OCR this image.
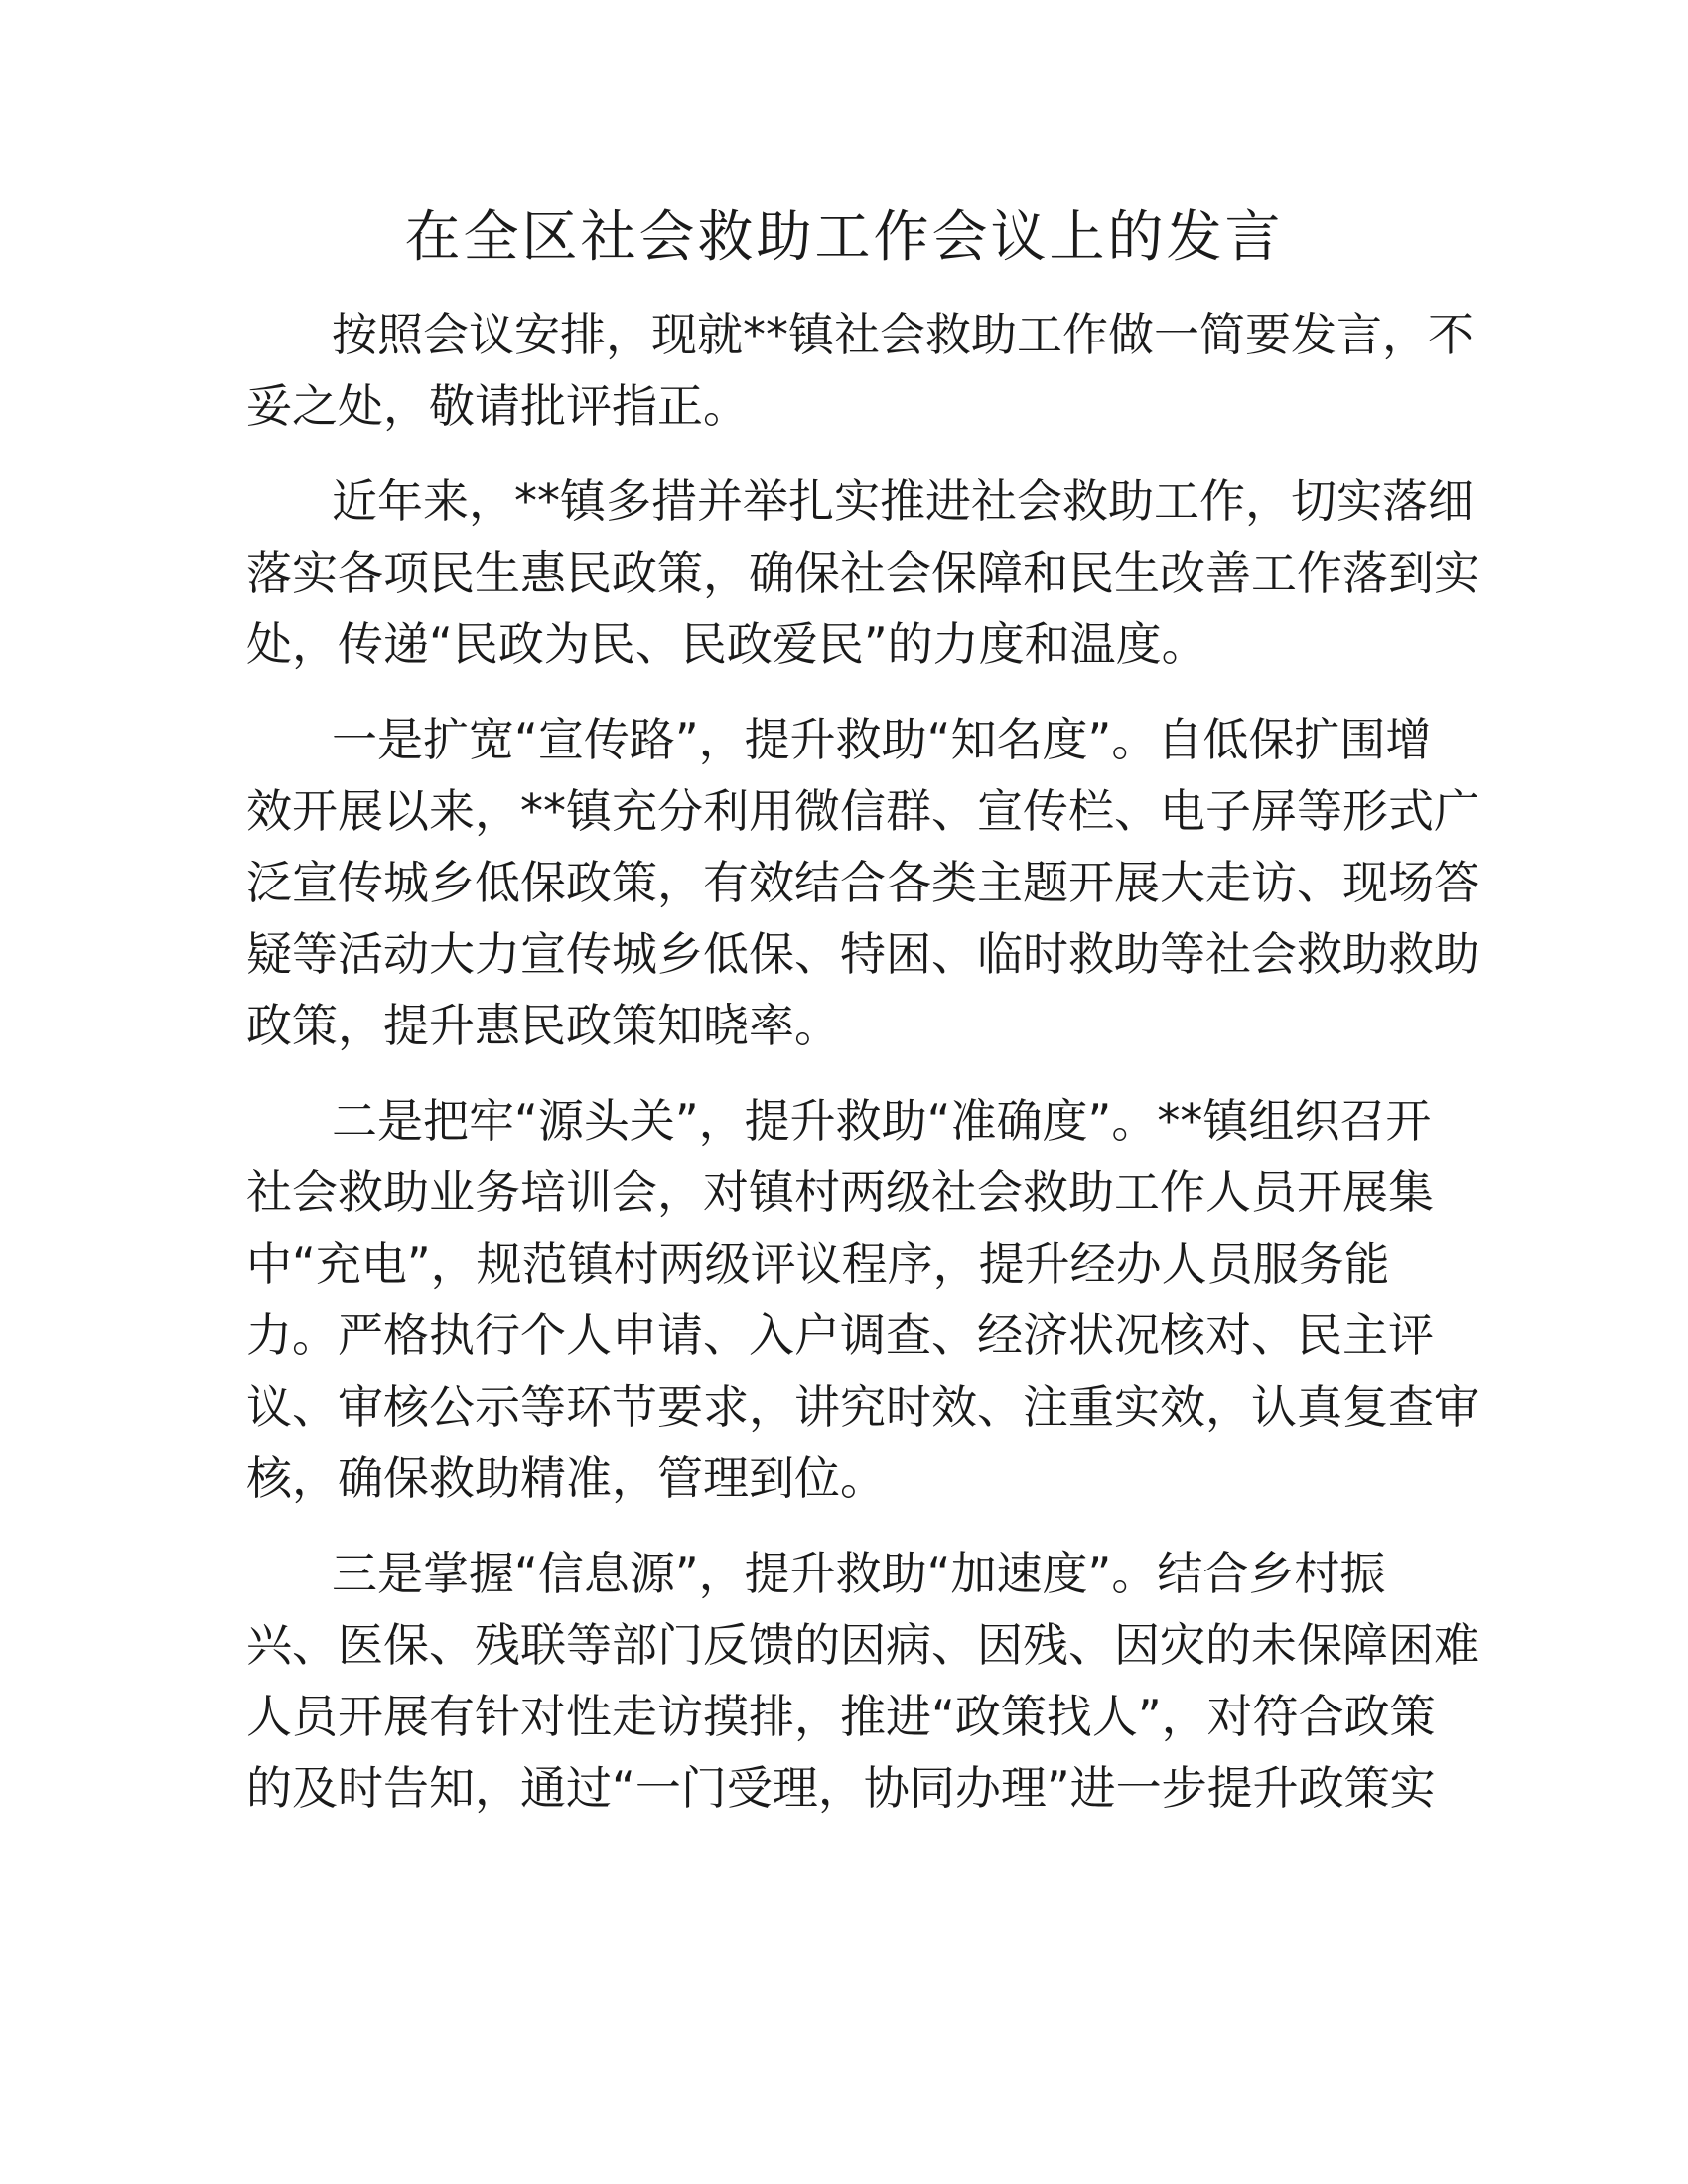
在全区社会救助工作会议上的发言

按照会议安排，现就**镇社会救助工作做一简要发言，不
妥之处，敬请批评指正。

近年来，**镇多措并举扎实推进社会救助工作，切实落细
落实各项民生惠民政策，确保社会保障和民生改善工作落到实
处，传递“民政为民、民政爱民”的力度和温度。

一是扩宽“宣传路”，提升救助“知名度”。自低保扩围增
效开展以来，**镇充分利用微信群、宣传栏、电子屏等形式广
泛宣传城乡低保政策，有效结合各类主题开展大走访、现场答
疑等活动大力宣传城乡低保、特困、临时救助等社会救助救助
政策，提升惠民政策知晓率。

二是把牢“源头关”，提升救助“准确度”。**镇组织召开
社会救助业务培训会，对镇村两级社会救助工作人员开展集
中“充电”，规范镇村两级评议程序，提升经办人员服务能
力。严格执行个人申请、入户调查、经济状况核对、民主评
议、审核公示等环节要求，讲究时效、注重实效，认真复查审
核，确保救助精准，管理到位。

三是掌握“信息源”，提升救助“加速度”。结合乡村振
兴、医保、残联等部门反馈的因病、因残、因灾的未保障困难
人员开展有针对性走访摸排，推进“政策找人”，对符合政策
的及时告知，通过“一门受理，协同办理”进一步提升政策实
